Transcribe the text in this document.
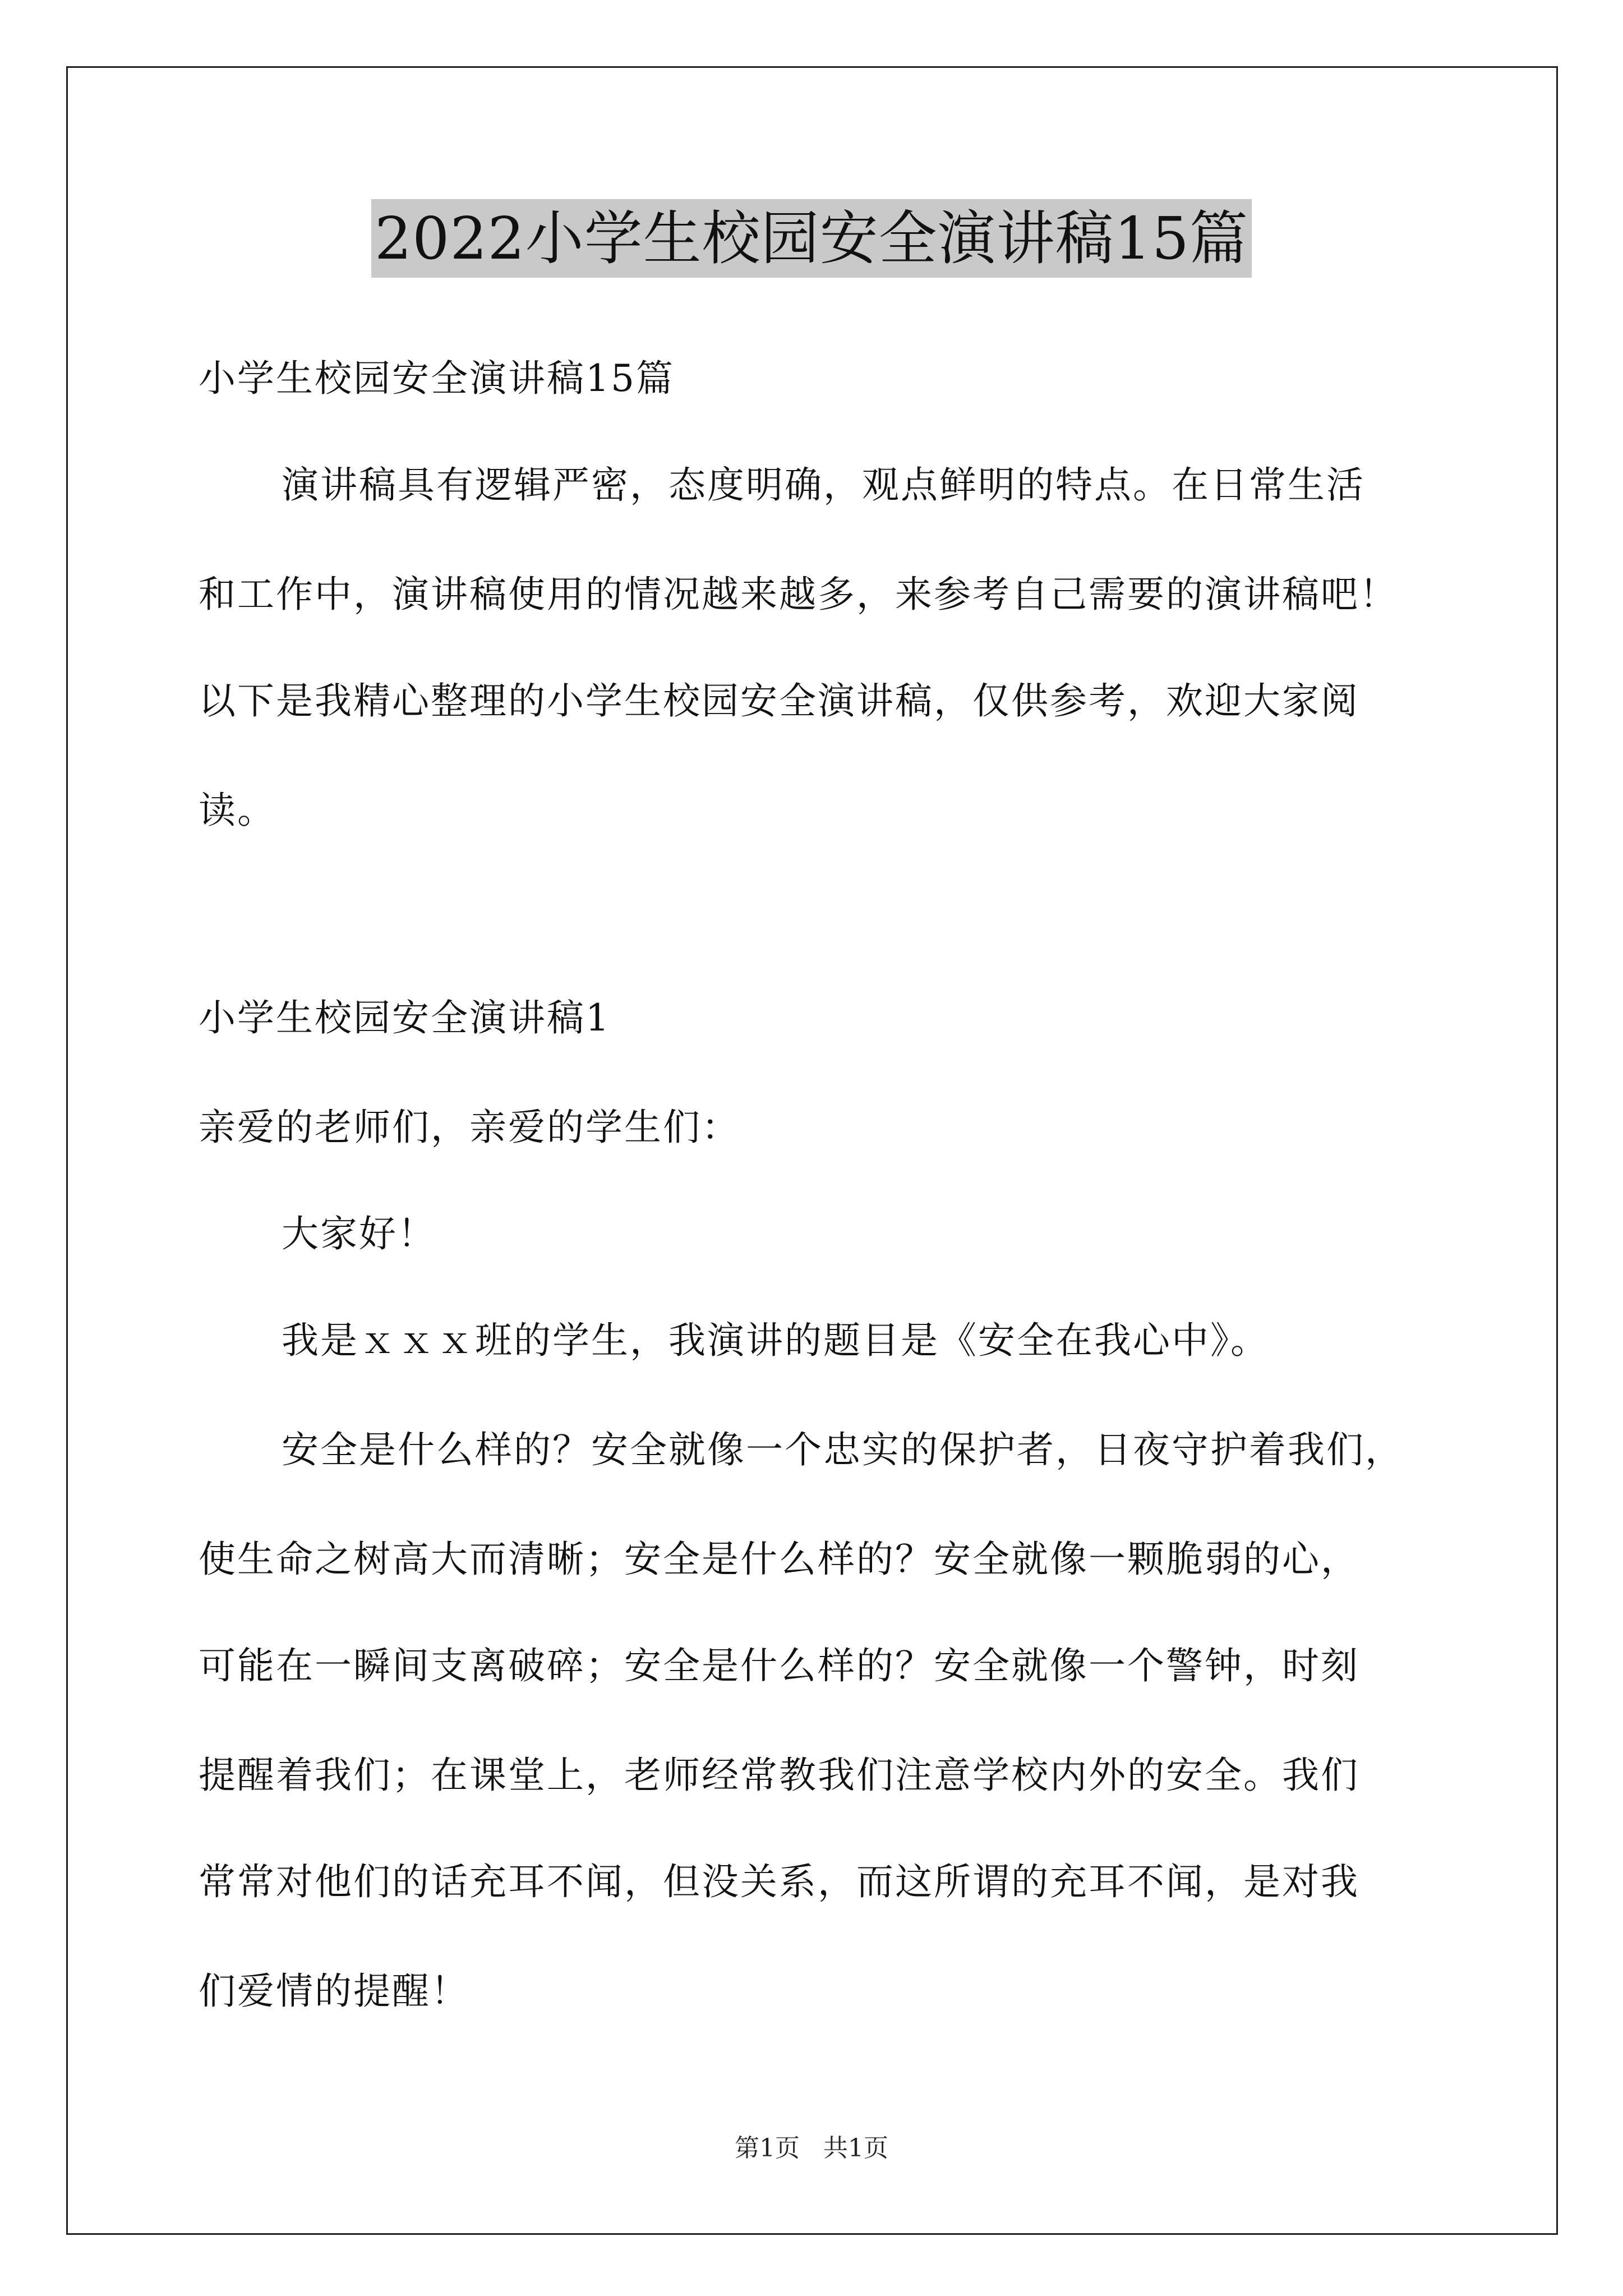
2022小学生校园安全演讲稿15篇
小学生校园安全演讲稿15篇
演讲稿具有逻辑严密，态度明确，观点鲜明的特点。在日常生活
和工作中，演讲稿使用的情况越来越多，来参考自己需要的演讲稿吧！
以下是我精心整理的小学生校园安全演讲稿，仅供参考，欢迎大家阅
读。
小学生校园安全演讲稿1
亲爱的老师们，亲爱的学生们：
大家好！
我是ｘｘｘ班的学生，我演讲的题目是《安全在我心中》。
安全是什么样的？安全就像一个忠实的保护者，日夜守护着我们，
使生命之树高大而清晰；安全是什么样的？安全就像一颗脆弱的心，
可能在一瞬间支离破碎；安全是什么样的？安全就像一个警钟，时刻
提醒着我们；在课堂上，老师经常教我们注意学校内外的安全。我们
常常对他们的话充耳不闻，但没关系，而这所谓的充耳不闻，是对我
们爱情的提醒！
第1页 共1页
